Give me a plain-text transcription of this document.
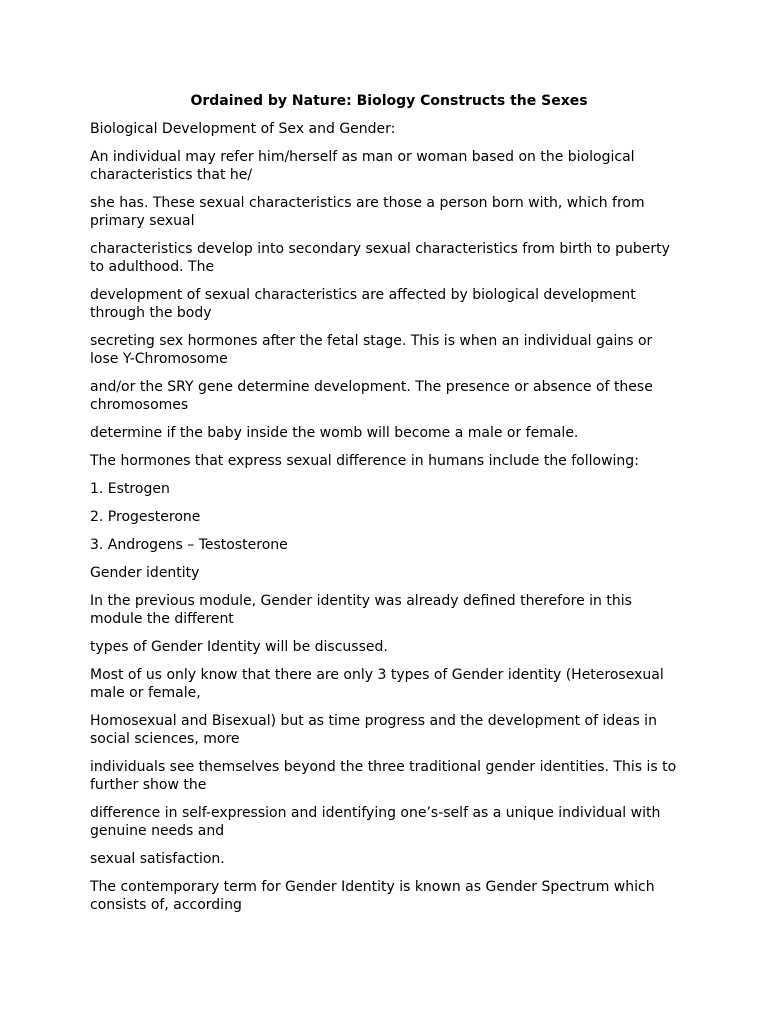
Ordained by Nature: Biology Constructs the Sexes
Biological Development of Sex and Gender:
An individual may refer him/herself as man or woman based on the biological characteristics that he/
she has. These sexual characteristics are those a person born with, which from primary sexual
characteristics develop into secondary sexual characteristics from birth to puberty to adulthood. The
development of sexual characteristics are affected by biological development through the body
secreting sex hormones after the fetal stage. This is when an individual gains or lose Y-Chromosome
and/or the SRY gene determine development. The presence or absence of these chromosomes
determine if the baby inside the womb will become a male or female.
The hormones that express sexual difference in humans include the following:
1. Estrogen
2. Progesterone
3. Androgens – Testosterone
Gender identity
In the previous module, Gender identity was already defined therefore in this module the different
types of Gender Identity will be discussed.
Most of us only know that there are only 3 types of Gender identity (Heterosexual male or female,
Homosexual and Bisexual) but as time progress and the development of ideas in social sciences, more
individuals see themselves beyond the three traditional gender identities. This is to further show the
difference in self-expression and identifying one’s-self as a unique individual with genuine needs and
sexual satisfaction.
The contemporary term for Gender Identity is known as Gender Spectrum which consists of, according
